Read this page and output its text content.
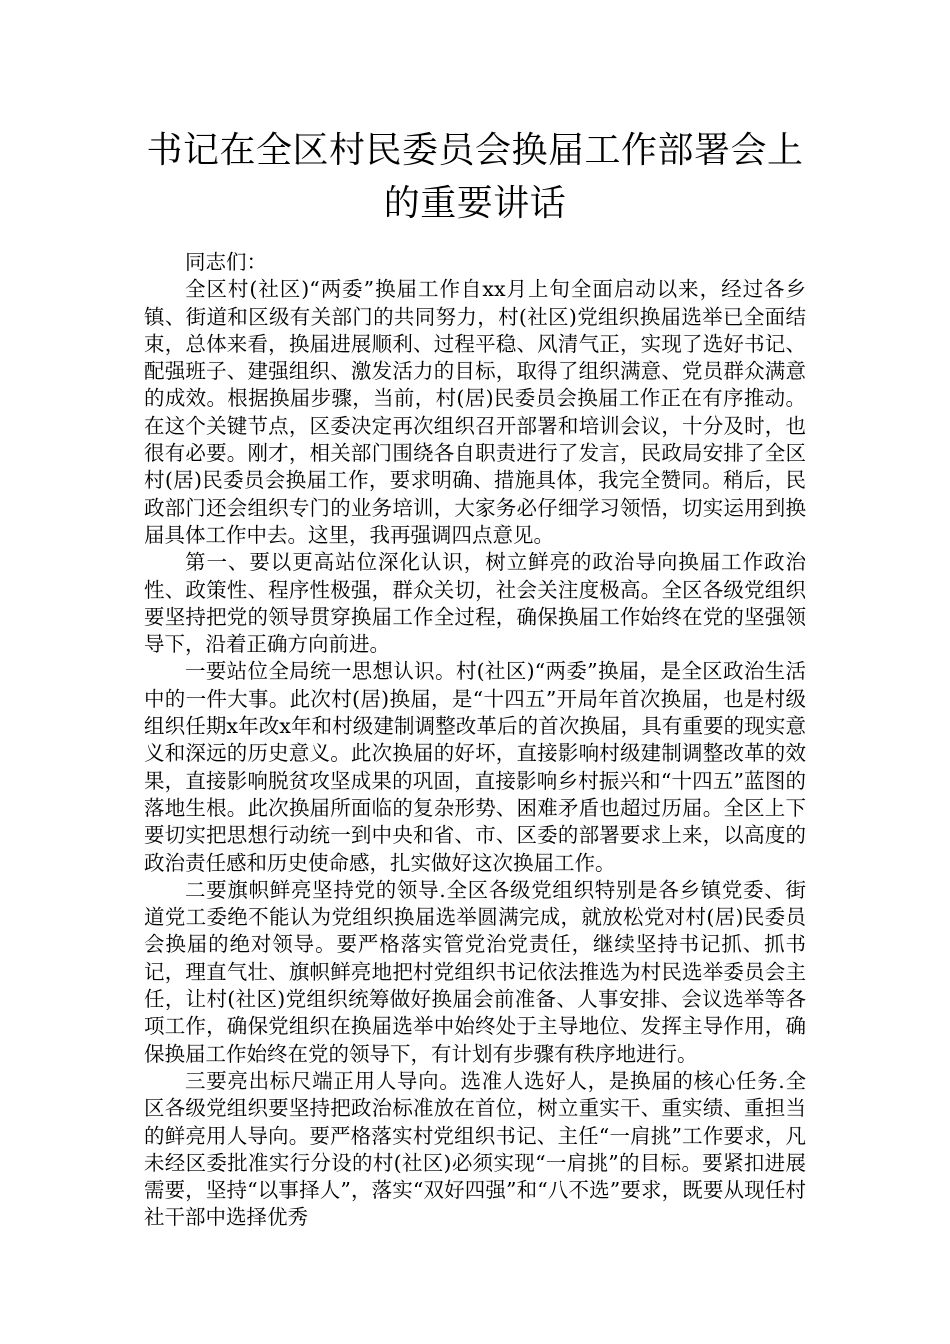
书记在全区村民委员会换届工作部署会上
的重要讲话

同志们：

全区村(社区)“两委”换届工作自xx月上旬全面启动以来，经过各乡镇、街道和区级有关部门的共同努力，村(社区)党组织换届选举已全面结束，总体来看，换届进展顺利、过程平稳、风清气正，实现了选好书记、配强班子、建强组织、激发活力的目标，取得了组织满意、党员群众满意的成效。根据换届步骤，当前，村(居)民委员会换届工作正在有序推动。在这个关键节点，区委决定再次组织召开部署和培训会议，十分及时，也很有必要。刚才，相关部门围绕各自职责进行了发言，民政局安排了全区村(居)民委员会换届工作，要求明确、措施具体，我完全赞同。稍后，民政部门还会组织专门的业务培训，大家务必仔细学习领悟，切实运用到换届具体工作中去。这里，我再强调四点意见。

第一、要以更高站位深化认识，树立鲜亮的政治导向换届工作政治性、政策性、程序性极强，群众关切，社会关注度极高。全区各级党组织要坚持把党的领导贯穿换届工作全过程，确保换届工作始终在党的坚强领导下，沿着正确方向前进。

一要站位全局统一思想认识。村(社区)“两委”换届，是全区政治生活中的一件大事。此次村(居)换届，是“十四五”开局年首次换届，也是村级组织任期x年改x年和村级建制调整改革后的首次换届，具有重要的现实意义和深远的历史意义。此次换届的好坏，直接影响村级建制调整改革的效果，直接影响脱贫攻坚成果的巩固，直接影响乡村振兴和“十四五”蓝图的落地生根。此次换届所面临的复杂形势、困难矛盾也超过历届。全区上下要切实把思想行动统一到中央和省、市、区委的部署要求上来，以高度的政治责任感和历史使命感，扎实做好这次换届工作。

二要旗帜鲜亮坚持党的领导.全区各级党组织特别是各乡镇党委、街道党工委绝不能认为党组织换届选举圆满完成，就放松党对村(居)民委员会换届的绝对领导。要严格落实管党治党责任，继续坚持书记抓、抓书记，理直气壮、旗帜鲜亮地把村党组织书记依法推选为村民选举委员会主任，让村(社区)党组织统筹做好换届会前准备、人事安排、会议选举等各项工作，确保党组织在换届选举中始终处于主导地位、发挥主导作用，确保换届工作始终在党的领导下，有计划有步骤有秩序地进行。

三要亮出标尺端正用人导向。选准人选好人，是换届的核心任务.全区各级党组织要坚持把政治标准放在首位，树立重实干、重实绩、重担当的鲜亮用人导向。要严格落实村党组织书记、主任“一肩挑”工作要求，凡未经区委批准实行分设的村(社区)必须实现“一肩挑”的目标。要紧扣进展需要，坚持“以事择人”，落实“双好四强”和“八不选”要求，既要从现任村社干部中选择优秀
